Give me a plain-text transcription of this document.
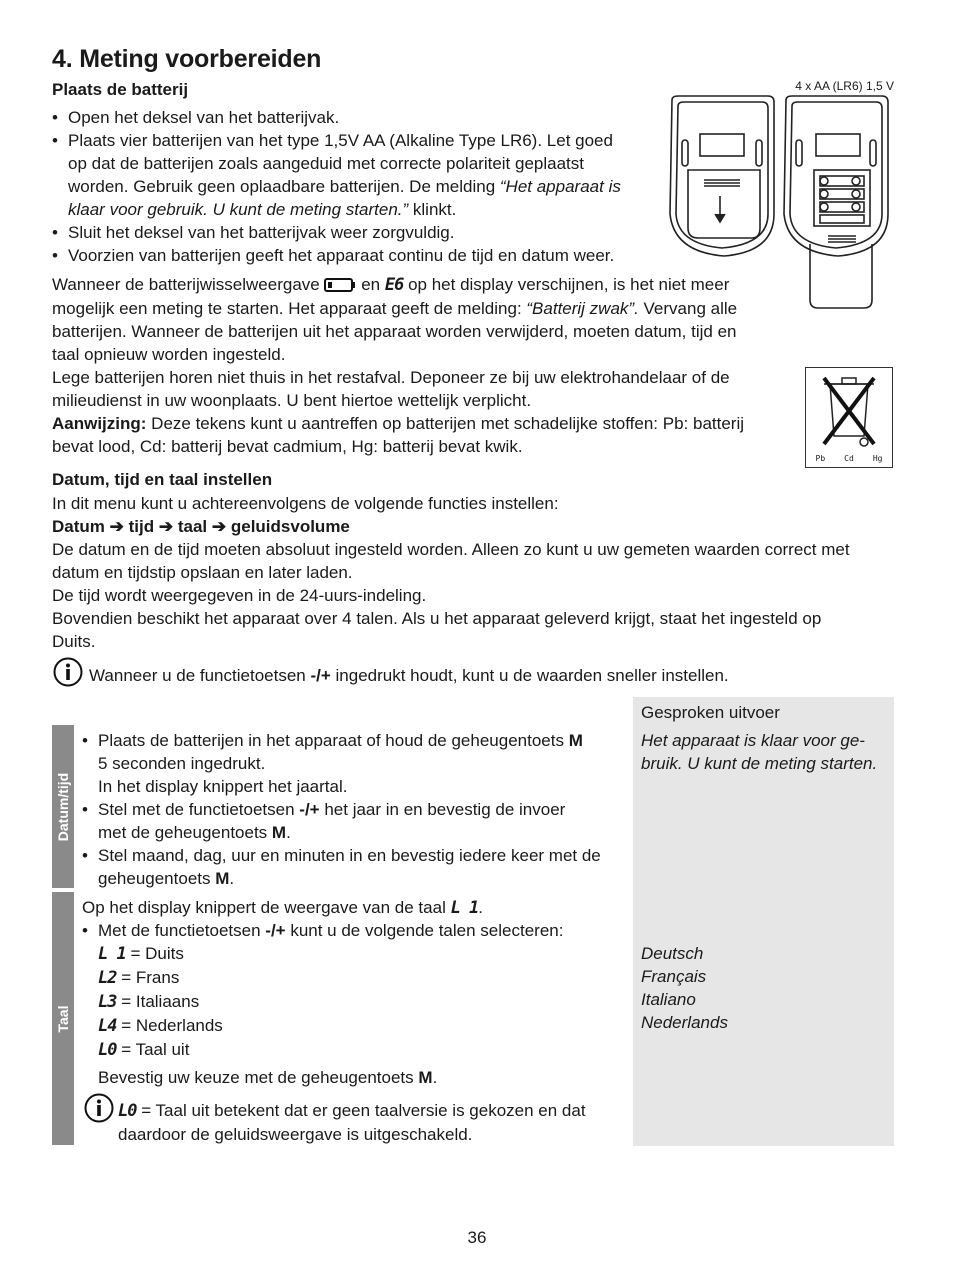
4. Meting voorbereiden
Plaats de batterij
• Open het deksel van het batterijvak.
• Plaats vier batterijen van het type 1,5V AA (Alkaline Type LR6). Let goed
op dat de batterijen zoals aangeduid met correcte polariteit geplaatst
worden. Gebruik geen oplaadbare batterijen. De melding “Het apparaat is
klaar voor gebruik. U kunt de meting starten.” klinkt.
• Sluit het deksel van het batterijvak weer zorgvuldig.
• Voorzien van batterijen geeft het apparaat continu de tijd en datum weer.
4 x AA (LR6) 1,5 V
Wanneer de batterijwisselweergave en E6 op het display verschijnen, is het niet meer
mogelijk een meting te starten. Het apparaat geeft de melding: “Batterij zwak”. Vervang alle
batterijen. Wanneer de batterijen uit het apparaat worden verwijderd, moeten datum, tijd en
taal opnieuw worden ingesteld.
Lege batterijen horen niet thuis in het restafval. Deponeer ze bij uw elektrohandelaar of de
milieudienst in uw woonplaats. U bent hiertoe wettelijk verplicht.
Aanwijzing: Deze tekens kunt u aantreffen op batterijen met schadelijke stoffen: Pb: batterij
bevat lood, Cd: batterij bevat cadmium, Hg: batterij bevat kwik.
Pb Cd Hg
Datum, tijd en taal instellen
In dit menu kunt u achtereenvolgens de volgende functies instellen:
Datum ➔ tijd ➔ taal ➔ geluidsvolume
De datum en de tijd moeten absoluut ingesteld worden. Alleen zo kunt u uw gemeten waarden correct met
datum en tijdstip opslaan en later laden.
De tijd wordt weergegeven in de 24-uurs-indeling.
Bovendien beschikt het apparaat over 4 talen. Als u het apparaat geleverd krijgt, staat het ingesteld op
Duits.
Wanneer u de functietoetsen -/+ ingedrukt houdt, kunt u de waarden sneller instellen.
Gesproken uitvoer
Datum/tijd
Taal
• Plaats de batterijen in het apparaat of houd de geheugentoets M
5 seconden ingedrukt.
In het display knippert het jaartal.
• Stel met de functietoetsen -/+ het jaar in en bevestig de invoer
met de geheugentoets M.
• Stel maand, dag, uur en minuten in en bevestig iedere keer met de
geheugentoets M.
Het apparaat is klaar voor ge-
bruik. U kunt de meting starten.
Op het display knippert de weergave van de taal L 1.
• Met de functietoetsen -/+ kunt u de volgende talen selecteren:
L 1 = Duits
L2 = Frans
L3 = Italiaans
L4 = Nederlands
L0 = Taal uit
Deutsch
Français
Italiano
Nederlands
Bevestig uw keuze met de geheugentoets M.
L0 = Taal uit betekent dat er geen taalversie is gekozen en dat
daardoor de geluidsweergave is uitgeschakeld.
36
